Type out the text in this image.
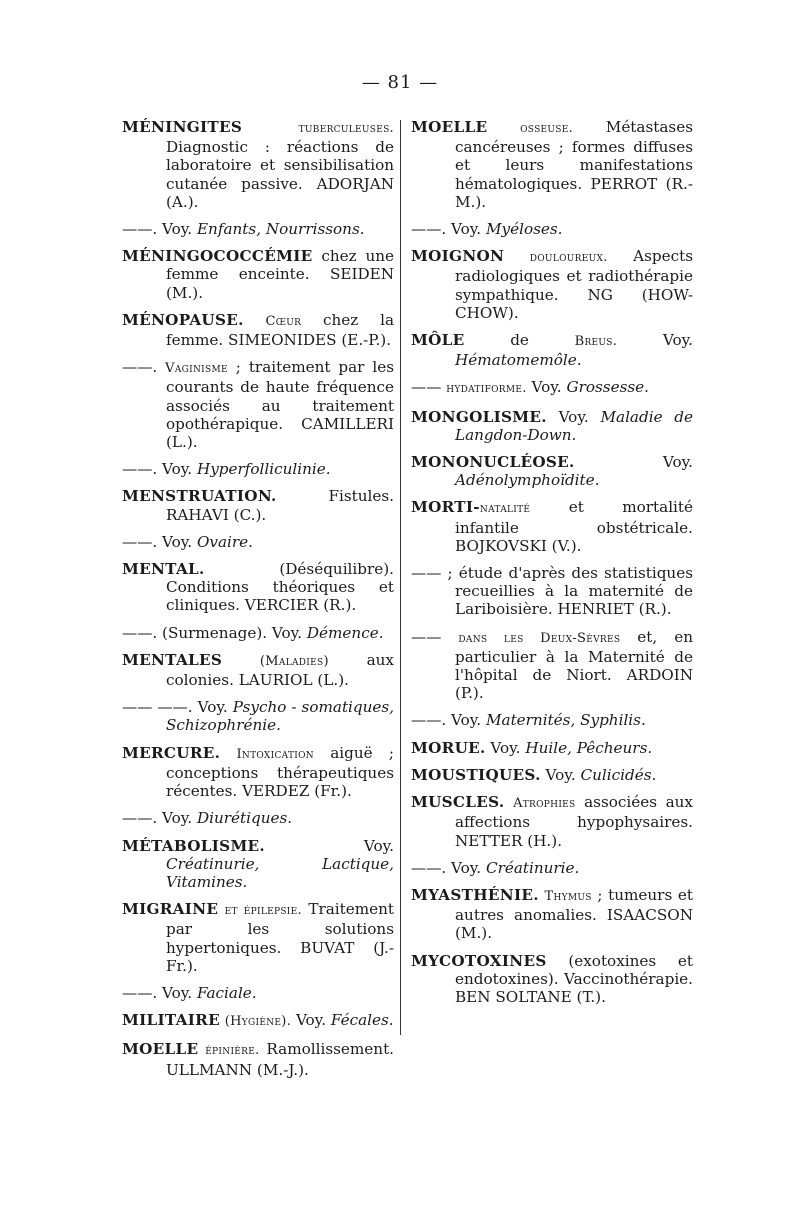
— 81 —

MÉNINGITES	tuberculeuses. Diagnostic : réactions de laboratoire et sensibilisation cutanée passive. ADORJAN (A.).

——. Voy. Enfants, Nourrissons.

MÉNINGOCOCCÉMIE chez une femme enceinte. SEIDEN (M.).

MÉNOPAUSE. Cœur chez la femme. SIMEONIDES (E.-P.).

——. Vaginisme ; traitement par les courants de haute fréquence associés au traitement opothérapique. CAMILLERI (L.).

——. Voy. Hyperfolliculinie.

MENSTRUATION. Fistules. RAHAVI (C.).

——. Voy. Ovaire.

MENTAL. (Déséquilibre). Conditions théoriques et cliniques. VERCIER (R.).

——. (Surmenage). Voy. Démence.

MENTALES	(Maladies) aux colonies. LAURIOL (L.).

—— ——. Voy. Psycho - somatiques, Schizophrénie.

MERCURE. Intoxication aiguë ; conceptions thérapeutiques récentes. VERDEZ (Fr.).

——. Voy. Diurétiques.

MÉTABOLISME. Voy. Créatinurie, Lactique, Vitamines.

MIGRAINE et épilepsie. Traitement par les solutions hypertoniques. BUVAT (J.-Fr.).

——. Voy. Faciale.

MILITAIRE (Hygiène). Voy. Fécales.

MOELLE épinière. Ramollissement. ULLMANN (M.-J.).

MOELLE	osseuse. Métastases cancéreuses ; formes diffuses et leurs manifestations hématologiques. PERROT (R.-M.).

——. Voy. Myéloses.

MOIGNON douloureux. Aspects radiologiques et radiothérapie sympathique. NG (HOW-CHOW).

MÔLE de Breus. Voy. Hématomemôle.

—— hydatiforme. Voy. Grossesse.

MONGOLISME. Voy. Maladie de Langdon-Down.

MONONUCLÉOSE. Voy. Adénolymphoïdite.

MORTI-natalité et mortalité infantile obstétricale. BOJKOVSKI (V.).

—— ; étude d'après des statistiques recueillies à la maternité de Lariboisière. HENRIET (R.).

—— dans les Deux-Sèvres et, en particulier à la Maternité de l'hôpital de Niort. ARDOIN (P.).

——. Voy. Maternités, Syphilis.

MORUE. Voy. Huile, Pêcheurs.

MOUSTIQUES. Voy. Culicidés.

MUSCLES. Atrophies associées aux affections hypophysaires. NETTER (H.).

——. Voy. Créatinurie.

MYASTHÉNIE. Thymus ; tumeurs et autres anomalies. ISAACSON (M.).

MYCOTOXINES (exotoxines et endotoxines). Vaccinothérapie. BEN SOLTANE (T.).
